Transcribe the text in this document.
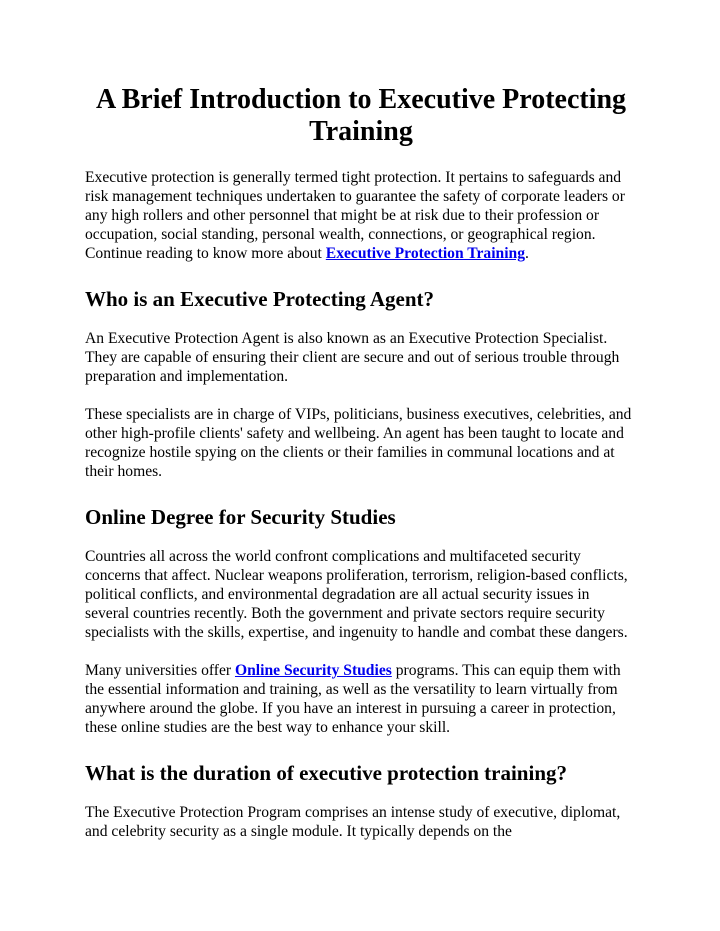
A Brief Introduction to Executive Protecting Training

Executive protection is generally termed tight protection. It pertains to safeguards and risk management techniques undertaken to guarantee the safety of corporate leaders or any high rollers and other personnel that might be at risk due to their profession or occupation, social standing, personal wealth, connections, or geographical region. Continue reading to know more about Executive Protection Training.

Who is an Executive Protecting Agent?

An Executive Protection Agent is also known as an Executive Protection Specialist. They are capable of ensuring their client are secure and out of serious trouble through preparation and implementation.

These specialists are in charge of VIPs, politicians, business executives, celebrities, and other high-profile clients' safety and wellbeing. An agent has been taught to locate and recognize hostile spying on the clients or their families in communal locations and at their homes.

Online Degree for Security Studies

Countries all across the world confront complications and multifaceted security concerns that affect. Nuclear weapons proliferation, terrorism, religion-based conflicts, political conflicts, and environmental degradation are all actual security issues in several countries recently. Both the government and private sectors require security specialists with the skills, expertise, and ingenuity to handle and combat these dangers.

Many universities offer Online Security Studies programs. This can equip them with the essential information and training, as well as the versatility to learn virtually from anywhere around the globe. If you have an interest in pursuing a career in protection, these online studies are the best way to enhance your skill.

What is the duration of executive protection training?

The Executive Protection Program comprises an intense study of executive, diplomat, and celebrity security as a single module. It typically depends on the
